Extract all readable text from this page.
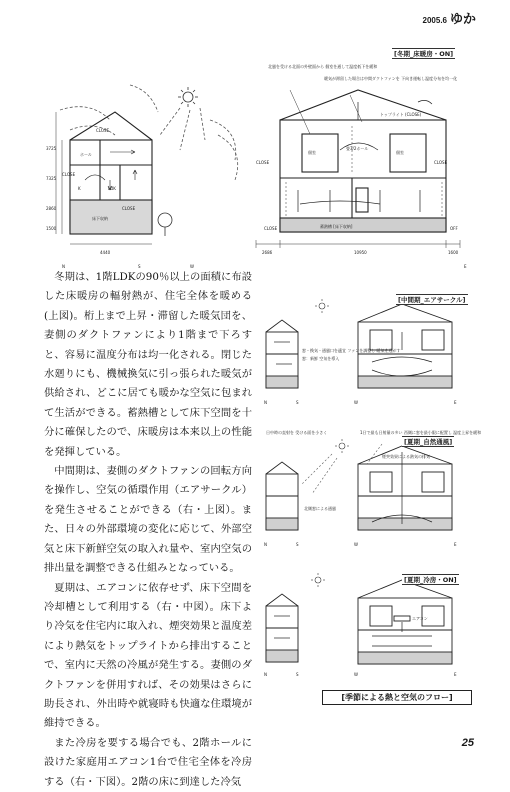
2005.6 ゆか
ホール
LDK
K
床下収納
個室	個室
畳3/2ホール
蓄熱槽 [床下収納]
CLOSE
CLOSE
CLOSE
CLOSE	CLOSE
CLOSE	OFF
北風を受ける北面の外壁面から 個室を通して温度低下を緩和
暖気が滞留した場合は中間ダクトファンを 下向き運転し温度分布を均一化
トップライト (CLOSE)
4440	2686	10950	1600
3725
7325
2860
1500
N	S	W	E
[冬期_床暖房・ON]

冬期は、1階LDKの90％以上の面積に布設した床暖房の輻射熱が、住宅全体を暖める(上図)。桁上まで上昇・滞留した暖気団を、妻側のダクトファンにより1階まで下ろすと、容易に温度分布は均一化される。閉じた水廻りにも、機械換気に引っ張られた暖気が供給され、どこに居ても暖かな空気に包まれて生活ができる。蓄熱槽として床下空間を十分に確保したので、床暖房は本来以上の性能を発揮している。

中間期は、妻側のダクトファンの回転方向を操作し、空気の循環作用（エアサークル）を発生させることができる（右・上図）。また、日々の外部環境の変化に応じて、外部空気と床下新鮮空気の取入れ量や、室内空気の排出量を調整できる仕組みとなっている。

夏期は、エアコンに依存せず、床下空間を冷却槽として利用する（右・中図）。床下より冷気を住宅内に取入れ、煙突効果と温度差により熱気をトップライトから排出することで、室内に天然の冷風が発生する。妻側のダクトファンを併用すれば、その効果はさらに助長され、外出時や就寝時も快適な住環境が維持できる。

また冷房を要する場合でも、2階ホールに設けた家庭用エアコン1台で住宅全体を冷房する（右・下図）。2階の床に到達した冷気

窓・換気・通風口を適宜 ファンを調整し 暖気を逃がす
窓：新鮮 空気を導入
N	S	W	E
[中間期_エアサークル]
日中時の直射を 受ける面を小さく	1日で最も日射量の多い 西側に窓を最小限に配置し 温度上昇を緩和
煙突効果による熱気の排気
北側窓による通風
N	S	W	E
[夏期_自然通風]
エアコン
N	S	W	E
[夏期_冷房・ON]
[季節による熱と空気のフロー]
25
